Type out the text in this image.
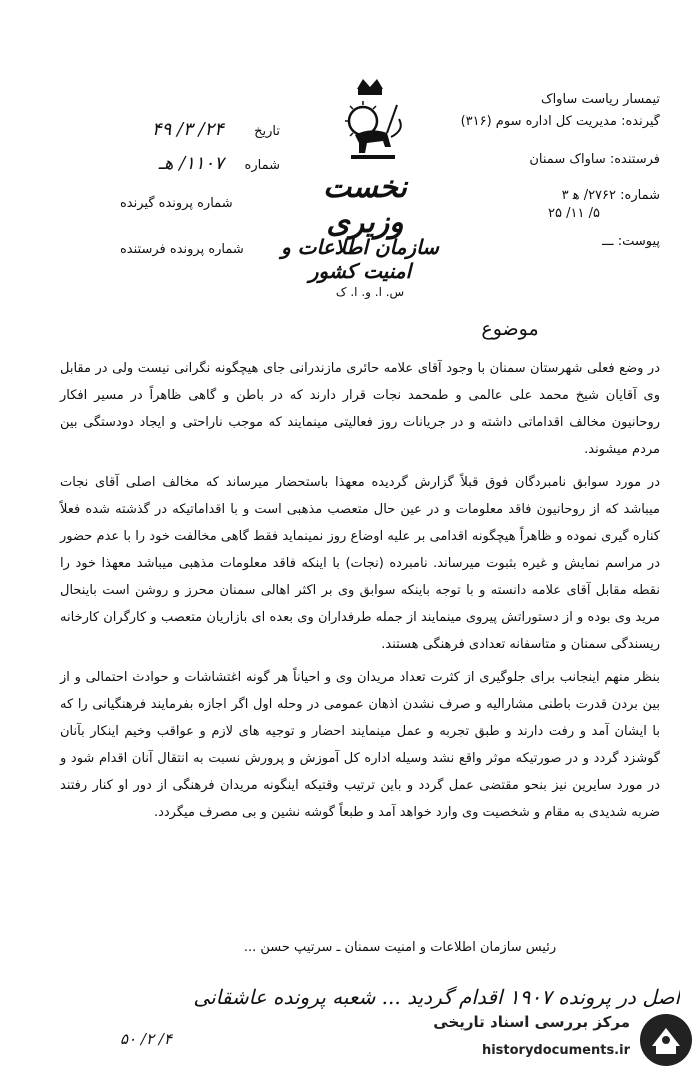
تاریخ ۲۴/ ۳/ ۴۹
شماره ۱۱۰۷/ هـ
شماره پرونده گیرنده
شماره پرونده فرستنده
نخست وزیری
سازمان اطلاعات و امنیت کشور
س. ا. و. ا. ک
تیمسار ریاست ساواک
گیرنده: مدیریت کل اداره سوم (۳۱۶)
فرستنده: ساواک سمنان
شماره: ۲۷۶۲/ ه‍ ۳
۵/ ۱۱/ ۲۵
پیوست: ـــ
موضوع

در وضع فعلی شهرستان سمنان با وجود آقای علامه حائری مازندرانی جای هیچگونه نگرانی نیست ولی در مقابل وی آقایان شیخ محمد علی عالمی و طمحمد نجات قرار دارند که در باطن و گاهی ظاهراً در مسیر افکار روحانیون مخالف اقداماتی داشته و در جریانات روز فعالیتی مینمایند که موجب ناراحتی و ایجاد دودستگی بین مردم میشوند.

در مورد سوابق نامبردگان فوق قبلاً گزارش گردیده معهذا باستحضار میرساند که مخالف اصلی آقای نجات میباشد که از روحانیون فاقد معلومات و در عین حال متعصب مذهبی است و با اقداماتیکه در گذشته شده فعلاً کناره گیری نموده و ظاهراً هیچگونه اقدامی بر علیه اوضاع روز نمینماید فقط گاهی مخالفت خود را با عدم حضور در مراسم نمایش و غیره بثبوت میرساند. نامبرده (نجات) با اینکه فاقد معلومات مذهبی میباشد معهذا خود را نقطه مقابل آقای علامه دانسته و با توجه باینکه سوابق وی بر اکثر اهالی سمنان محرز و روشن است باینحال مرید وی بوده و از دستوراتش پیروی مینمایند از جمله طرفداران وی بعده ای بازاریان متعصب و کارگران کارخانه ریسندگی سمنان و متاسفانه تعدادی فرهنگی هستند.

بنظر منهم اینجانب برای جلوگیری از کثرت تعداد مریدان وی و احیاناً هر گونه اغتشاشات و حوادث احتمالی و از بین بردن قدرت باطنی مشارالیه و صرف نشدن اذهان عمومی در وحله اول اگر اجازه بفرمایند فرهنگیانی را که با ایشان آمد و رفت دارند و طبق تجربه و عمل مینمایند احضار و توجیه های لازم و عواقب وخیم اینکار بآنان گوشزد گردد و در صورتیکه موثر واقع نشد وسیله اداره کل آموزش و پرورش نسبت به انتقال آنان اقدام شود و در مورد سایرین نیز بنحو مقتضی عمل گردد و باین ترتیب وقتیکه اینگونه مریدان فرهنگی از دور او کنار رفتند ضربه شدیدی به مقام و شخصیت وی وارد خواهد آمد و طبعاً گوشه نشین و بی مصرف میگردد.

رئیس سازمان اطلاعات و امنیت سمنان ـ سرتیپ حسن ...
اصل در پرونده ۱۹۰۷ اقدام گردید ... شعبه پرونده عاشقانی
۴/ ۲/ ۵۰
مرکز بررسی اسناد تاریخی
historydocuments.ir
